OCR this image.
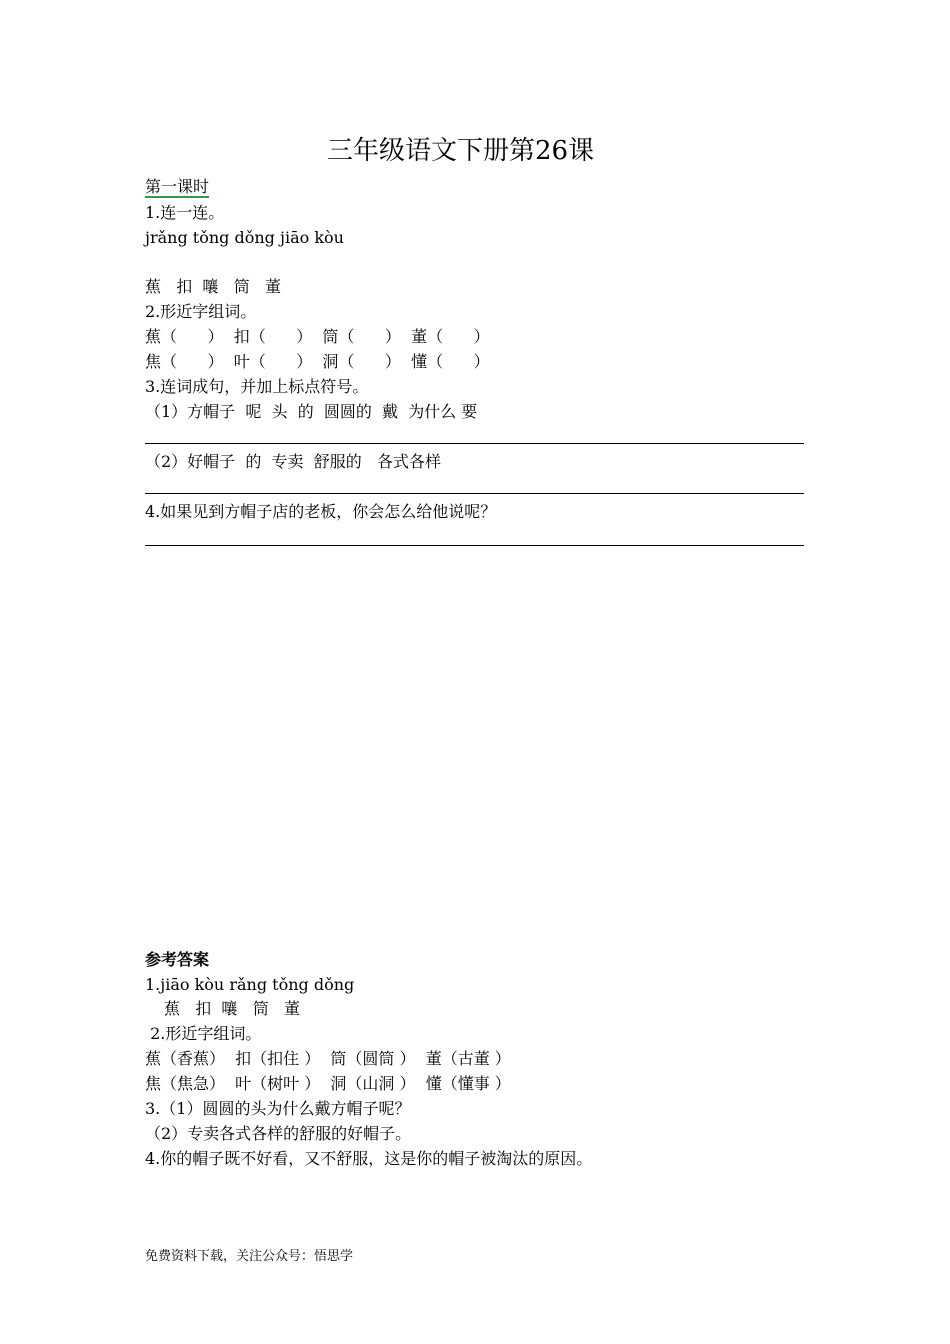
三年级语文下册第26课
第一课时
1.连一连。
jrǎng tǒng dǒng jiāo kòu
蕉   扣  嚷   筒   董
2.形近字组词。
蕉（      ）  扣（      ）  筒（      ）  董（      ）
焦（      ）  叶（      ）  洞（      ）  懂（      ）
3.连词成句，并加上标点符号。
（1）方帽子  呢  头  的  圆圆的  戴  为什么 要
（2）好帽子  的  专卖  舒服的   各式各样
4.如果见到方帽子店的老板，你会怎么给他说呢？
参考答案
1.jiāo kòu rǎng tǒng dǒng
蕉   扣  嚷   筒   董
2.形近字组词。
蕉（香蕉）  扣（扣住 ）  筒（圆筒 ）  董（古董 ）
焦（焦急）  叶（树叶 ）  洞（山洞 ）  懂（懂事 ）
3.（1）圆圆的头为什么戴方帽子呢？
（2）专卖各式各样的舒服的好帽子。
4.你的帽子既不好看，又不舒服，这是你的帽子被淘汰的原因。
免费资料下载，关注公众号：悟思学
